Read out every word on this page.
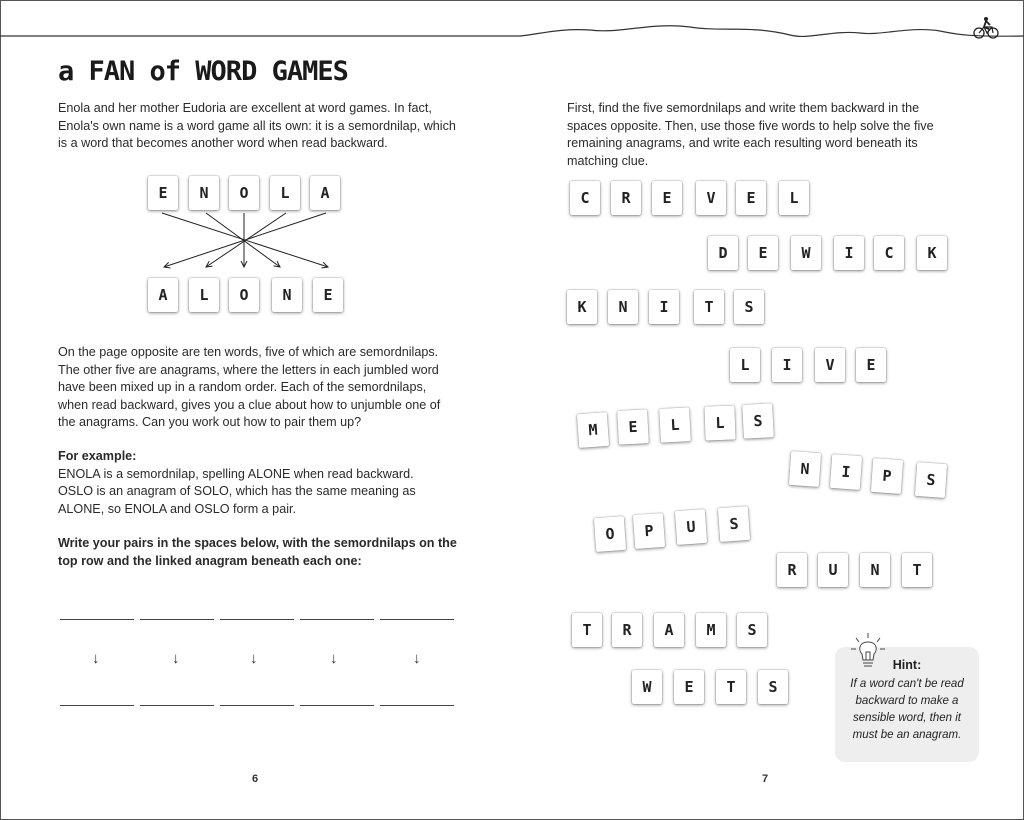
a FAN of WORD GAMES
Enola and her mother Eudoria are excellent at word games. In fact, Enola's own name is a word game all its own: it is a semordnilap, which is a word that becomes another word when read backward.
E	N	O	L	A
A	L	O	N	E
On the page opposite are ten words, five of which are semordnilaps. The other five are anagrams, where the letters in each jumbled word have been mixed up in a random order. Each of the semordnilaps, when read backward, gives you a clue about how to unjumble one of the anagrams. Can you work out how to pair them up?
For example:
ENOLA is a semordnilap, spelling ALONE when read backward.
OSLO is an anagram of SOLO, which has the same meaning as ALONE, so ENOLA and OSLO form a pair.
Write your pairs in the spaces below, with the semordnilaps on the top row and the linked anagram beneath each one:
↓	↓	↓	↓	↓
6
First, find the five semordnilaps and write them backward in the spaces opposite. Then, use those five words to help solve the five remaining anagrams, and write each resulting word beneath its matching clue.
C	R	E	V	E	L
D	E	W	I	C	K
K	N	I	T	S
L	I	V	E
M	E	L	L	S
N	I	P	S
O	P	U	S
R	U	N	T
T	R	A	M	S
W	E	T	S
Hint:
If a word can't be read backward to make a sensible word, then it must be an anagram.
7
